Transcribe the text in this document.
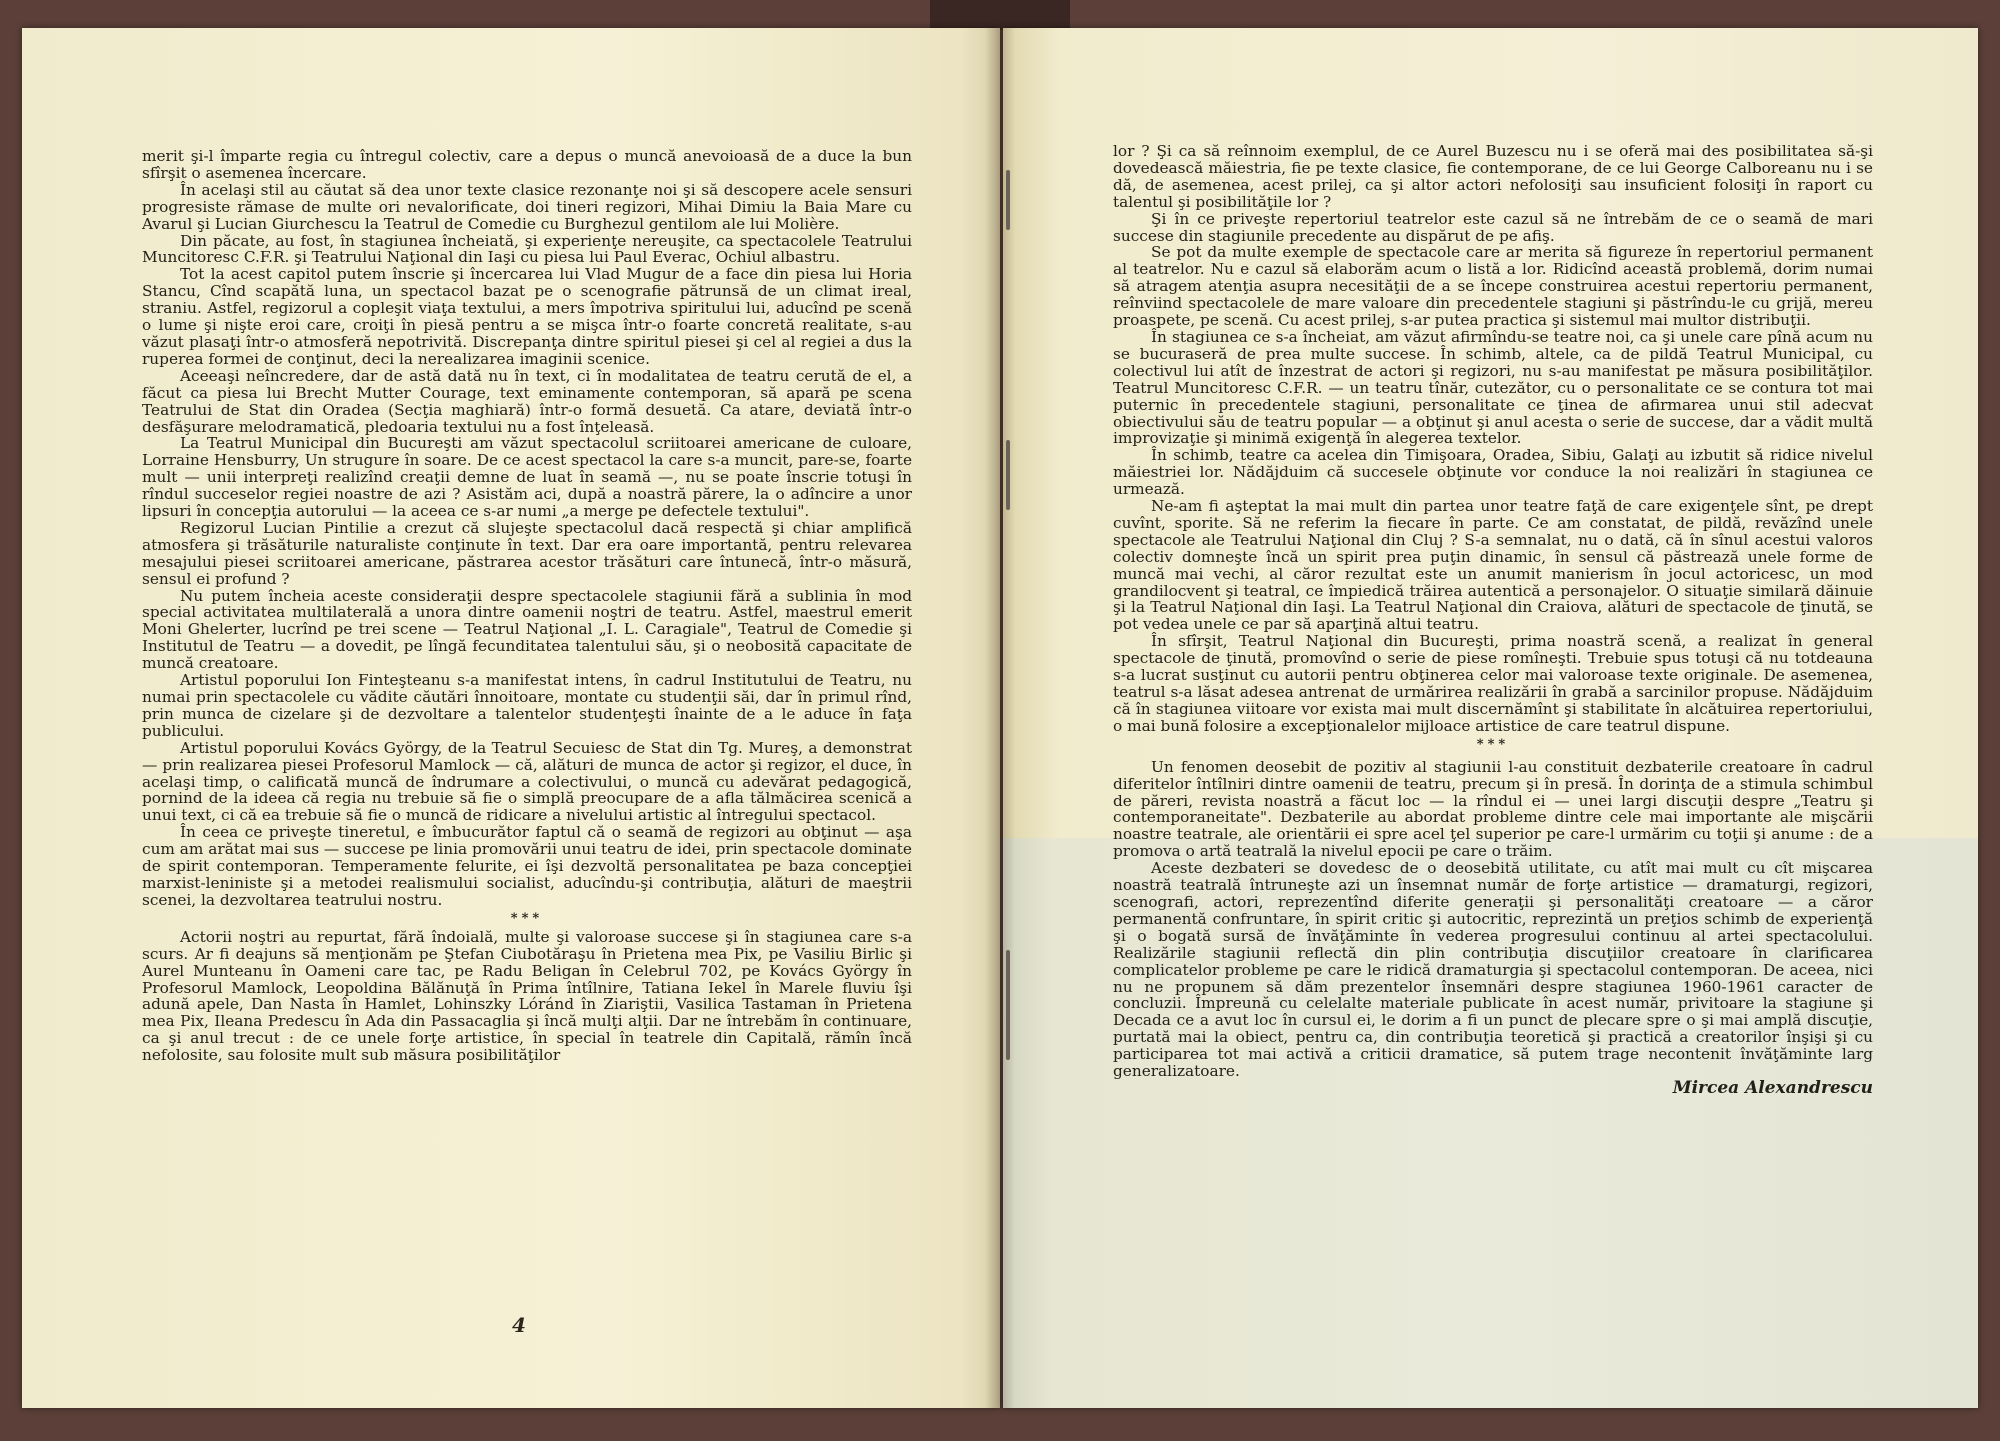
merit şi-l împarte regia cu întregul colectiv, care a depus o muncă anevoioasă de a duce la bun sfîrşit o asemenea încercare.

În acelaşi stil au căutat să dea unor texte clasice rezonanţe noi şi să descopere acele sensuri progresiste rămase de multe ori nevalorificate, doi tineri regizori, Mihai Dimiu la Baia Mare cu Avarul şi Lucian Giurchescu la Teatrul de Comedie cu Burghezul gentilom ale lui Molière.

Din păcate, au fost, în stagiunea încheiată, şi experienţe nereuşite, ca spectacolele Teatrului Muncitoresc C.F.R. şi Teatrului Naţional din Iaşi cu piesa lui Paul Everac, Ochiul albastru.

Tot la acest capitol putem înscrie şi încercarea lui Vlad Mugur de a face din piesa lui Horia Stancu, Cînd scapătă luna, un spectacol bazat pe o scenografie pătrunsă de un climat ireal, straniu. Astfel, regizorul a copleşit viaţa textului, a mers împotriva spiritului lui, aducînd pe scenă o lume şi nişte eroi care, croiţi în piesă pentru a se mişca într-o foarte concretă realitate, s-au văzut plasaţi într-o atmosferă nepotrivită. Discrepanţa dintre spiritul piesei şi cel al regiei a dus la ruperea formei de conţinut, deci la nerealizarea imaginii scenice.

Aceeaşi neîncredere, dar de astă dată nu în text, ci în modalitatea de teatru cerută de el, a făcut ca piesa lui Brecht Mutter Courage, text eminamente contemporan, să apară pe scena Teatrului de Stat din Oradea (Secţia maghiară) într-o formă desuetă. Ca atare, deviată într-o desfăşurare melodramatică, pledoaria textului nu a fost înţeleasă.

La Teatrul Municipal din Bucureşti am văzut spectacolul scriitoarei americane de culoare, Lorraine Hensburry, Un strugure în soare. De ce acest spectacol la care s-a muncit, pare-se, foarte mult — unii interpreţi realizînd creaţii demne de luat în seamă —, nu se poate înscrie totuşi în rîndul succeselor regiei noastre de azi ? Asistăm aci, după a noastră părere, la o adîncire a unor lipsuri în concepţia autorului — la aceea ce s-ar numi „a merge pe defectele textului".

Regizorul Lucian Pintilie a crezut că slujeşte spectacolul dacă respectă şi chiar amplifică atmosfera şi trăsăturile naturaliste conţinute în text. Dar era oare importantă, pentru relevarea mesajului piesei scriitoarei americane, păstrarea acestor trăsături care întunecă, într-o măsură, sensul ei profund ?

Nu putem încheia aceste consideraţii despre spectacolele stagiunii fără a sublinia în mod special activitatea multilaterală a unora dintre oamenii noştri de teatru. Astfel, maestrul emerit Moni Ghelerter, lucrînd pe trei scene — Teatrul Naţional „I. L. Caragiale", Teatrul de Comedie şi Institutul de Teatru — a dovedit, pe lîngă fecunditatea talentului său, şi o neobosită capacitate de muncă creatoare.

Artistul poporului Ion Finteşteanu s-a manifestat intens, în cadrul Institutului de Teatru, nu numai prin spectacolele cu vădite căutări înnoitoare, montate cu studenţii săi, dar în primul rînd, prin munca de cizelare şi de dezvoltare a talentelor studenţeşti înainte de a le aduce în faţa publicului.

Artistul poporului Kovács György, de la Teatrul Secuiesc de Stat din Tg. Mureş, a demonstrat — prin realizarea piesei Profesorul Mamlock — că, alături de munca de actor şi regizor, el duce, în acelaşi timp, o calificată muncă de îndrumare a colectivului, o muncă cu adevărat pedagogică, pornind de la ideea că regia nu trebuie să fie o simplă preocupare de a afla tălmăcirea scenică a unui text, ci că ea trebuie să fie o muncă de ridicare a nivelului artistic al întregului spectacol.

În ceea ce priveşte tineretul, e îmbucurător faptul că o seamă de regizori au obţinut — aşa cum am arătat mai sus — succese pe linia promovării unui teatru de idei, prin spectacole dominate de spirit contemporan. Temperamente felurite, ei îşi dezvoltă personalitatea pe baza concepţiei marxist-leniniste şi a metodei realismului socialist, aducîndu-şi contribuţia, alături de maeştrii scenei, la dezvoltarea teatrului nostru.

***

Actorii noştri au repurtat, fără îndoială, multe şi valoroase succese şi în stagiunea care s-a scurs. Ar fi deajuns să menţionăm pe Ştefan Ciubotăraşu în Prietena mea Pix, pe Vasiliu Birlic şi Aurel Munteanu în Oameni care tac, pe Radu Beligan în Celebrul 702, pe Kovács György în Profesorul Mamlock, Leopoldina Bălănuţă în Prima întîlnire, Tatiana Iekel în Marele fluviu îşi adună apele, Dan Nasta în Hamlet, Lohinszky Lóránd în Ziariştii, Vasilica Tastaman în Prietena mea Pix, Ileana Predescu în Ada din Passacaglia şi încă mulţi alţii. Dar ne întrebăm în continuare, ca şi anul trecut : de ce unele forţe artistice, în special în teatrele din Capitală, rămîn încă nefolosite, sau folosite mult sub măsura posibilităţilor

4

lor ? Şi ca să reînnoim exemplul, de ce Aurel Buzescu nu i se oferă mai des posibilitatea să-şi dovedească măiestria, fie pe texte clasice, fie contemporane, de ce lui George Calboreanu nu i se dă, de asemenea, acest prilej, ca şi altor actori nefolosiţi sau insuficient folosiţi în raport cu talentul şi posibilităţile lor ?

Şi în ce priveşte repertoriul teatrelor este cazul să ne întrebăm de ce o seamă de mari succese din stagiunile precedente au dispărut de pe afiş.

Se pot da multe exemple de spectacole care ar merita să figureze în repertoriul permanent al teatrelor. Nu e cazul să elaborăm acum o listă a lor. Ridicînd această problemă, dorim numai să atragem atenţia asupra necesităţii de a se începe construirea acestui repertoriu permanent, reînviind spectacolele de mare valoare din precedentele stagiuni şi păstrîndu-le cu grijă, mereu proaspete, pe scenă. Cu acest prilej, s-ar putea practica şi sistemul mai multor distribuţii.

În stagiunea ce s-a încheiat, am văzut afirmîndu-se teatre noi, ca şi unele care pînă acum nu se bucuraseră de prea multe succese. În schimb, altele, ca de pildă Teatrul Municipal, cu colectivul lui atît de înzestrat de actori şi regizori, nu s-au manifestat pe măsura posibilităţilor. Teatrul Muncitoresc C.F.R. — un teatru tînăr, cutezător, cu o personalitate ce se contura tot mai puternic în precedentele stagiuni, personalitate ce ţinea de afirmarea unui stil adecvat obiectivului său de teatru popular — a obţinut şi anul acesta o serie de succese, dar a vădit multă improvizaţie şi minimă exigenţă în alegerea textelor.

În schimb, teatre ca acelea din Timişoara, Oradea, Sibiu, Galaţi au izbutit să ridice nivelul măiestriei lor. Nădăjduim că succesele obţinute vor conduce la noi realizări în stagiunea ce urmează.

Ne-am fi aşteptat la mai mult din partea unor teatre faţă de care exigenţele sînt, pe drept cuvînt, sporite. Să ne referim la fiecare în parte. Ce am constatat, de pildă, revăzînd unele spectacole ale Teatrului Naţional din Cluj ? S-a semnalat, nu o dată, că în sînul acestui valoros colectiv domneşte încă un spirit prea puţin dinamic, în sensul că păstrează unele forme de muncă mai vechi, al căror rezultat este un anumit manierism în jocul actoricesc, un mod grandilocvent şi teatral, ce împiedică trăirea autentică a personajelor. O situaţie similară dăinuie şi la Teatrul Naţional din Iaşi. La Teatrul Naţional din Craiova, alături de spectacole de ţinută, se pot vedea unele ce par să aparţină altui teatru.

În sfîrşit, Teatrul Naţional din Bucureşti, prima noastră scenă, a realizat în general spectacole de ţinută, promovînd o serie de piese romîneşti. Trebuie spus totuşi că nu totdeauna s-a lucrat susţinut cu autorii pentru obţinerea celor mai valoroase texte originale. De asemenea, teatrul s-a lăsat adesea antrenat de urmărirea realizării în grabă a sarcinilor propuse. Nădăjduim că în stagiunea viitoare vor exista mai mult discernămînt şi stabilitate în alcătuirea repertoriului, o mai bună folosire a excepţionalelor mijloace artistice de care teatrul dispune.

***

Un fenomen deosebit de pozitiv al stagiunii l-au constituit dezbaterile creatoare în cadrul diferitelor întîlniri dintre oamenii de teatru, precum şi în presă. În dorinţa de a stimula schimbul de păreri, revista noastră a făcut loc — la rîndul ei — unei largi discuţii despre „Teatru şi contemporaneitate". Dezbaterile au abordat probleme dintre cele mai importante ale mişcării noastre teatrale, ale orientării ei spre acel ţel superior pe care-l urmărim cu toţii şi anume : de a promova o artă teatrală la nivelul epocii pe care o trăim.

Aceste dezbateri se dovedesc de o deosebită utilitate, cu atît mai mult cu cît mişcarea noastră teatrală întruneşte azi un însemnat număr de forţe artistice — dramaturgi, regizori, scenografi, actori, reprezentînd diferite generaţii şi personalităţi creatoare — a căror permanentă confruntare, în spirit critic şi autocritic, reprezintă un preţios schimb de experienţă şi o bogată sursă de învăţăminte în vederea progresului continuu al artei spectacolului. Realizările stagiunii reflectă din plin contribuţia discuţiilor creatoare în clarificarea complicatelor probleme pe care le ridică dramaturgia şi spectacolul contemporan. De aceea, nici nu ne propunem să dăm prezentelor însemnări despre stagiunea 1960-1961 caracter de concluzii. Împreună cu celelalte materiale publicate în acest număr, privitoare la stagiune şi Decada ce a avut loc în cursul ei, le dorim a fi un punct de plecare spre o şi mai amplă discuţie, purtată mai la obiect, pentru ca, din contribuţia teoretică şi practică a creatorilor înşişi şi cu participarea tot mai activă a criticii dramatice, să putem trage necontenit învăţăminte larg generalizatoare.

Mircea Alexandrescu
